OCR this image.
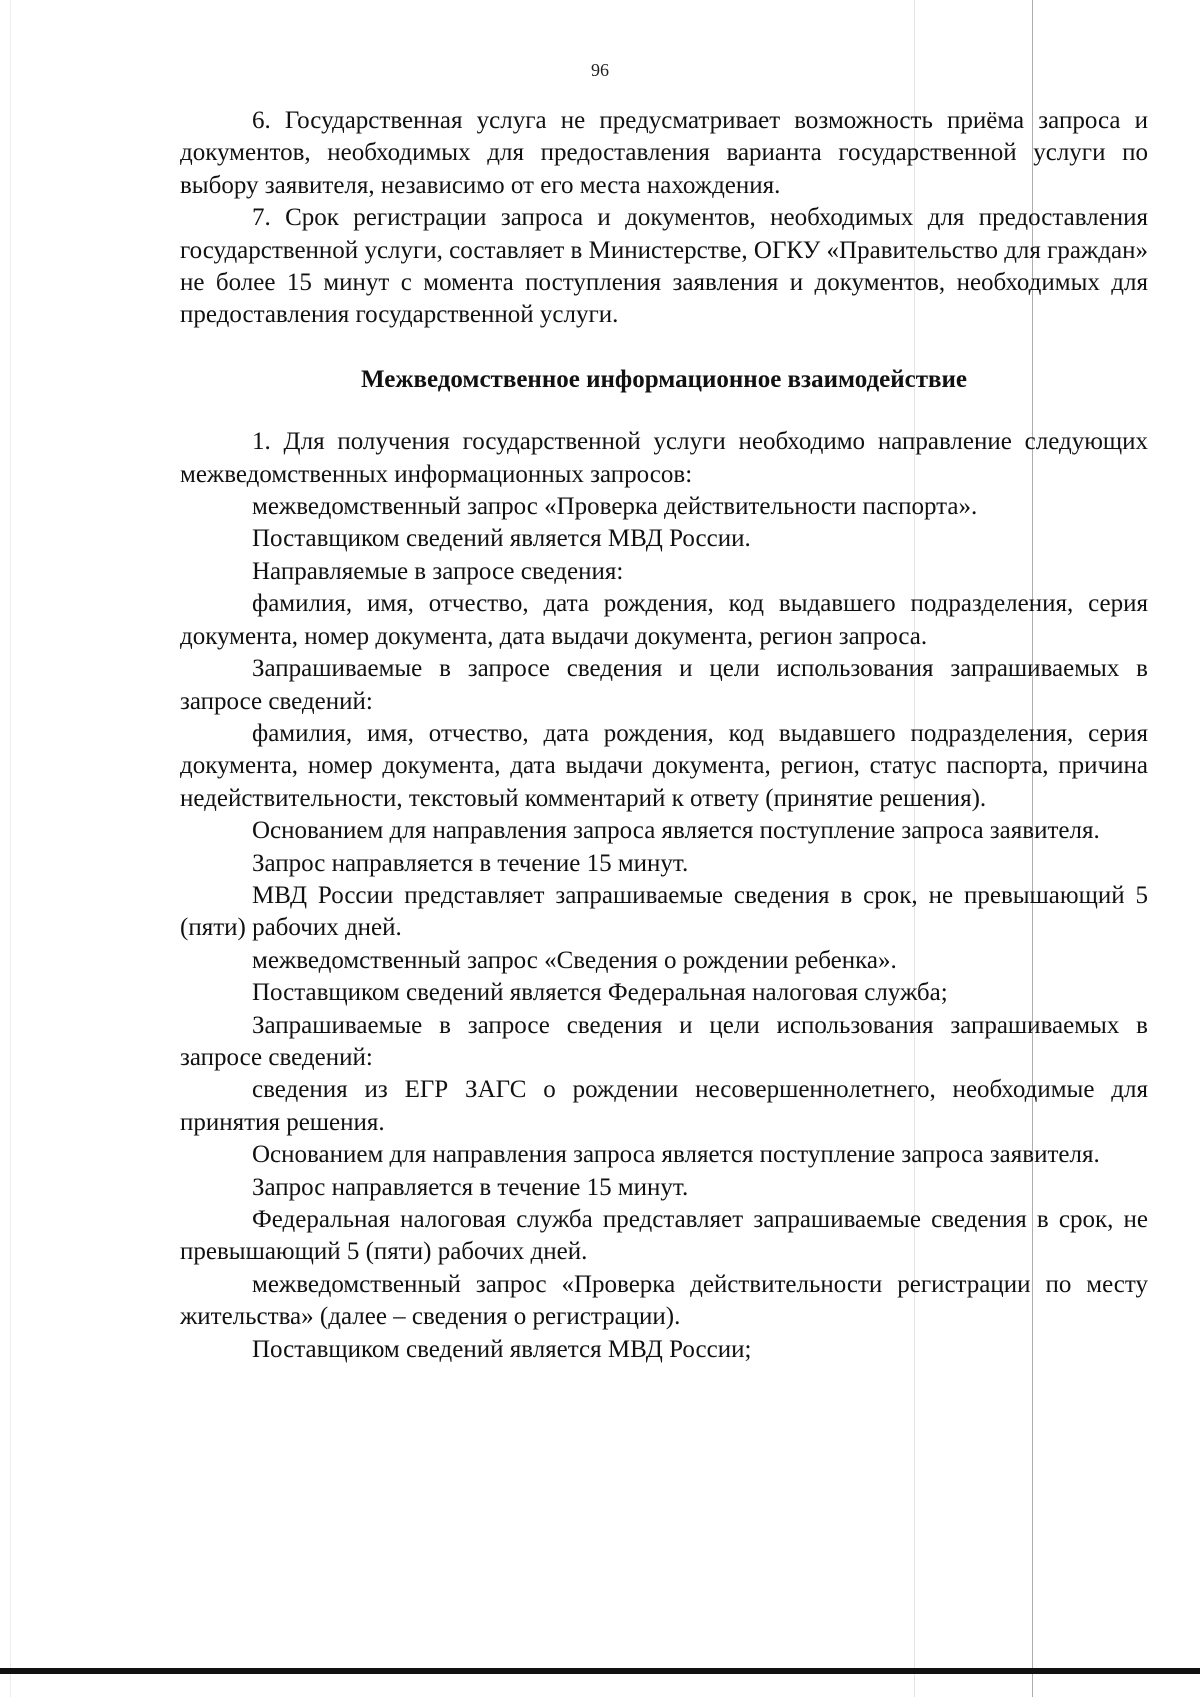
96

6. Государственная услуга не предусматривает возможность приёма запроса и документов, необходимых для предоставления варианта государственной услуги по выбору заявителя, независимо от его места нахождения.

7. Срок регистрации запроса и документов, необходимых для предоставления государственной услуги, составляет в Министерстве, ОГКУ «Правительство для граждан» не более 15 минут с момента поступления заявления и документов, необходимых для предоставления государственной услуги.

Межведомственное информационное взаимодействие

1. Для получения государственной услуги необходимо направление следующих межведомственных информационных запросов:

межведомственный запрос «Проверка действительности паспорта».

Поставщиком сведений является МВД России.

Направляемые в запросе сведения:

фамилия, имя, отчество, дата рождения, код выдавшего подразделения, серия документа, номер документа, дата выдачи документа, регион запроса.

Запрашиваемые в запросе сведения и цели использования запрашиваемых в запросе сведений:

фамилия, имя, отчество, дата рождения, код выдавшего подразделения, серия документа, номер документа, дата выдачи документа, регион, статус паспорта, причина недействительности, текстовый комментарий к ответу (принятие решения).

Основанием для направления запроса является поступление запроса заявителя.

Запрос направляется в течение 15 минут.

МВД России представляет запрашиваемые сведения в срок, не превышающий 5 (пяти) рабочих дней.

межведомственный запрос «Сведения о рождении ребенка».

Поставщиком сведений является Федеральная налоговая служба;

Запрашиваемые в запросе сведения и цели использования запрашиваемых в запросе сведений:

сведения из ЕГР ЗАГС о рождении несовершеннолетнего, необходимые для принятия решения.

Основанием для направления запроса является поступление запроса заявителя.

Запрос направляется в течение 15 минут.

Федеральная налоговая служба представляет запрашиваемые сведения в срок, не превышающий 5 (пяти) рабочих дней.

межведомственный запрос «Проверка действительности регистрации по месту жительства» (далее – сведения о регистрации).

Поставщиком сведений является МВД России;
